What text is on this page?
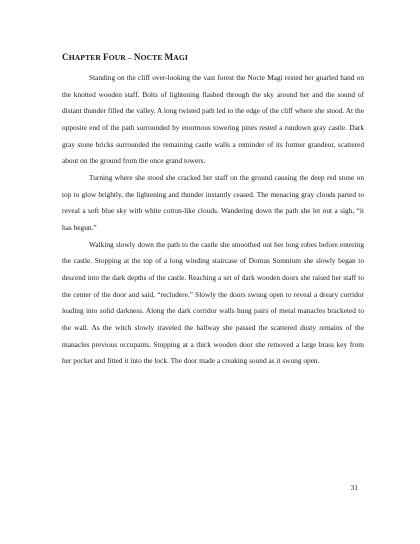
CHAPTER FOUR – NOCTE MAGI

Standing on the cliff over-looking the vast forest the Nocte Magi rested her gnarled hand on the knotted wooden staff. Bolts of lightening flashed through the sky around her and the sound of distant thunder filled the valley. A long twisted path led to the edge of the cliff where she stood. At the opposite end of the path surrounded by enormous towering pines rested a rundown gray castle. Dark gray stone bricks surrounded the remaining castle walls a reminder of its former grandeur, scattered about on the ground from the once grand towers.

Turning where she stood she cracked her staff on the ground causing the deep red stone on top to glow brightly, the lightening and thunder instantly ceased. The menacing gray clouds parted to reveal a soft blue sky with white cotton-like clouds. Wandering down the path she let out a sigh, “it has begun.”

Walking slowly down the path to the castle she smoothed out her long robes before entering the castle. Stopping at the top of a long winding staircase of Domus Somnium she slowly began to descend into the dark depths of the castle. Reaching a set of dark wooden doors she raised her staff to the center of the door and said, “recludere.” Slowly the doors swung open to reveal a dreary corridor leading into solid darkness. Along the dark corridor walls hung pairs of metal manacles bracketed to the wall. As the witch slowly traveled the hallway she passed the scattered dusty remains of the manacles previous occupants. Stopping at a thick wooden door she removed a large brass key from her pocket and fitted it into the lock. The door made a creaking sound as it swung open.

31
